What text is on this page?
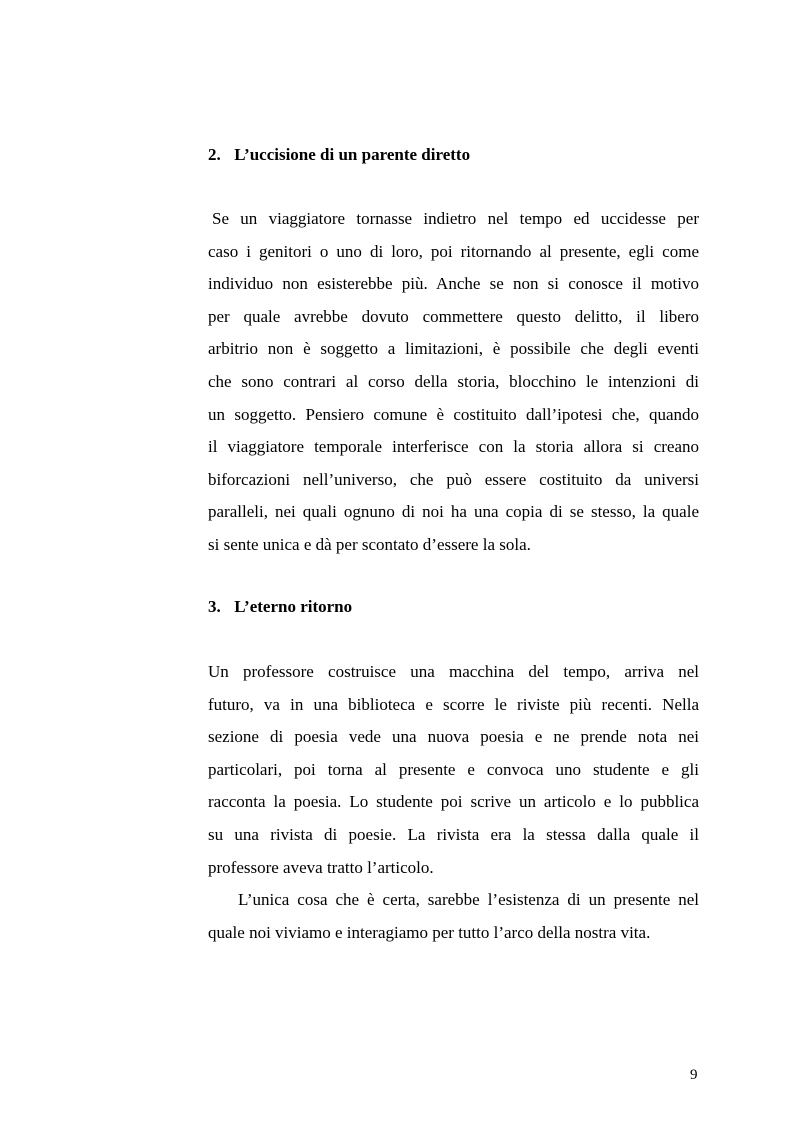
2. L’uccisione di un parente diretto
Se un viaggiatore tornasse indietro nel tempo ed uccidesse per
caso i genitori o uno di loro, poi ritornando al presente, egli come
individuo non esisterebbe più. Anche se non si conosce il motivo
per quale avrebbe dovuto commettere questo delitto, il libero
arbitrio non è soggetto a limitazioni, è possibile che degli eventi
che sono contrari al corso della storia, blocchino le intenzioni di
un soggetto. Pensiero comune è costituito dall’ipotesi che, quando
il viaggiatore temporale interferisce con la storia allora si creano
biforcazioni nell’universo, che può essere costituito da universi
paralleli, nei quali ognuno di noi ha una copia di se stesso, la quale
si sente unica e dà per scontato d’essere la sola.
3. L’eterno ritorno
Un professore costruisce una macchina del tempo, arriva nel
futuro, va in una biblioteca e scorre le riviste più recenti. Nella
sezione di poesia vede una nuova poesia e ne prende nota nei
particolari, poi torna al presente e convoca uno studente e gli
racconta la poesia. Lo studente poi scrive un articolo e lo pubblica
su una rivista di poesie. La rivista era la stessa dalla quale il
professore aveva tratto l’articolo.
L’unica cosa che è certa, sarebbe l’esistenza di un presente nel
quale noi viviamo e interagiamo per tutto l’arco della nostra vita.
9
